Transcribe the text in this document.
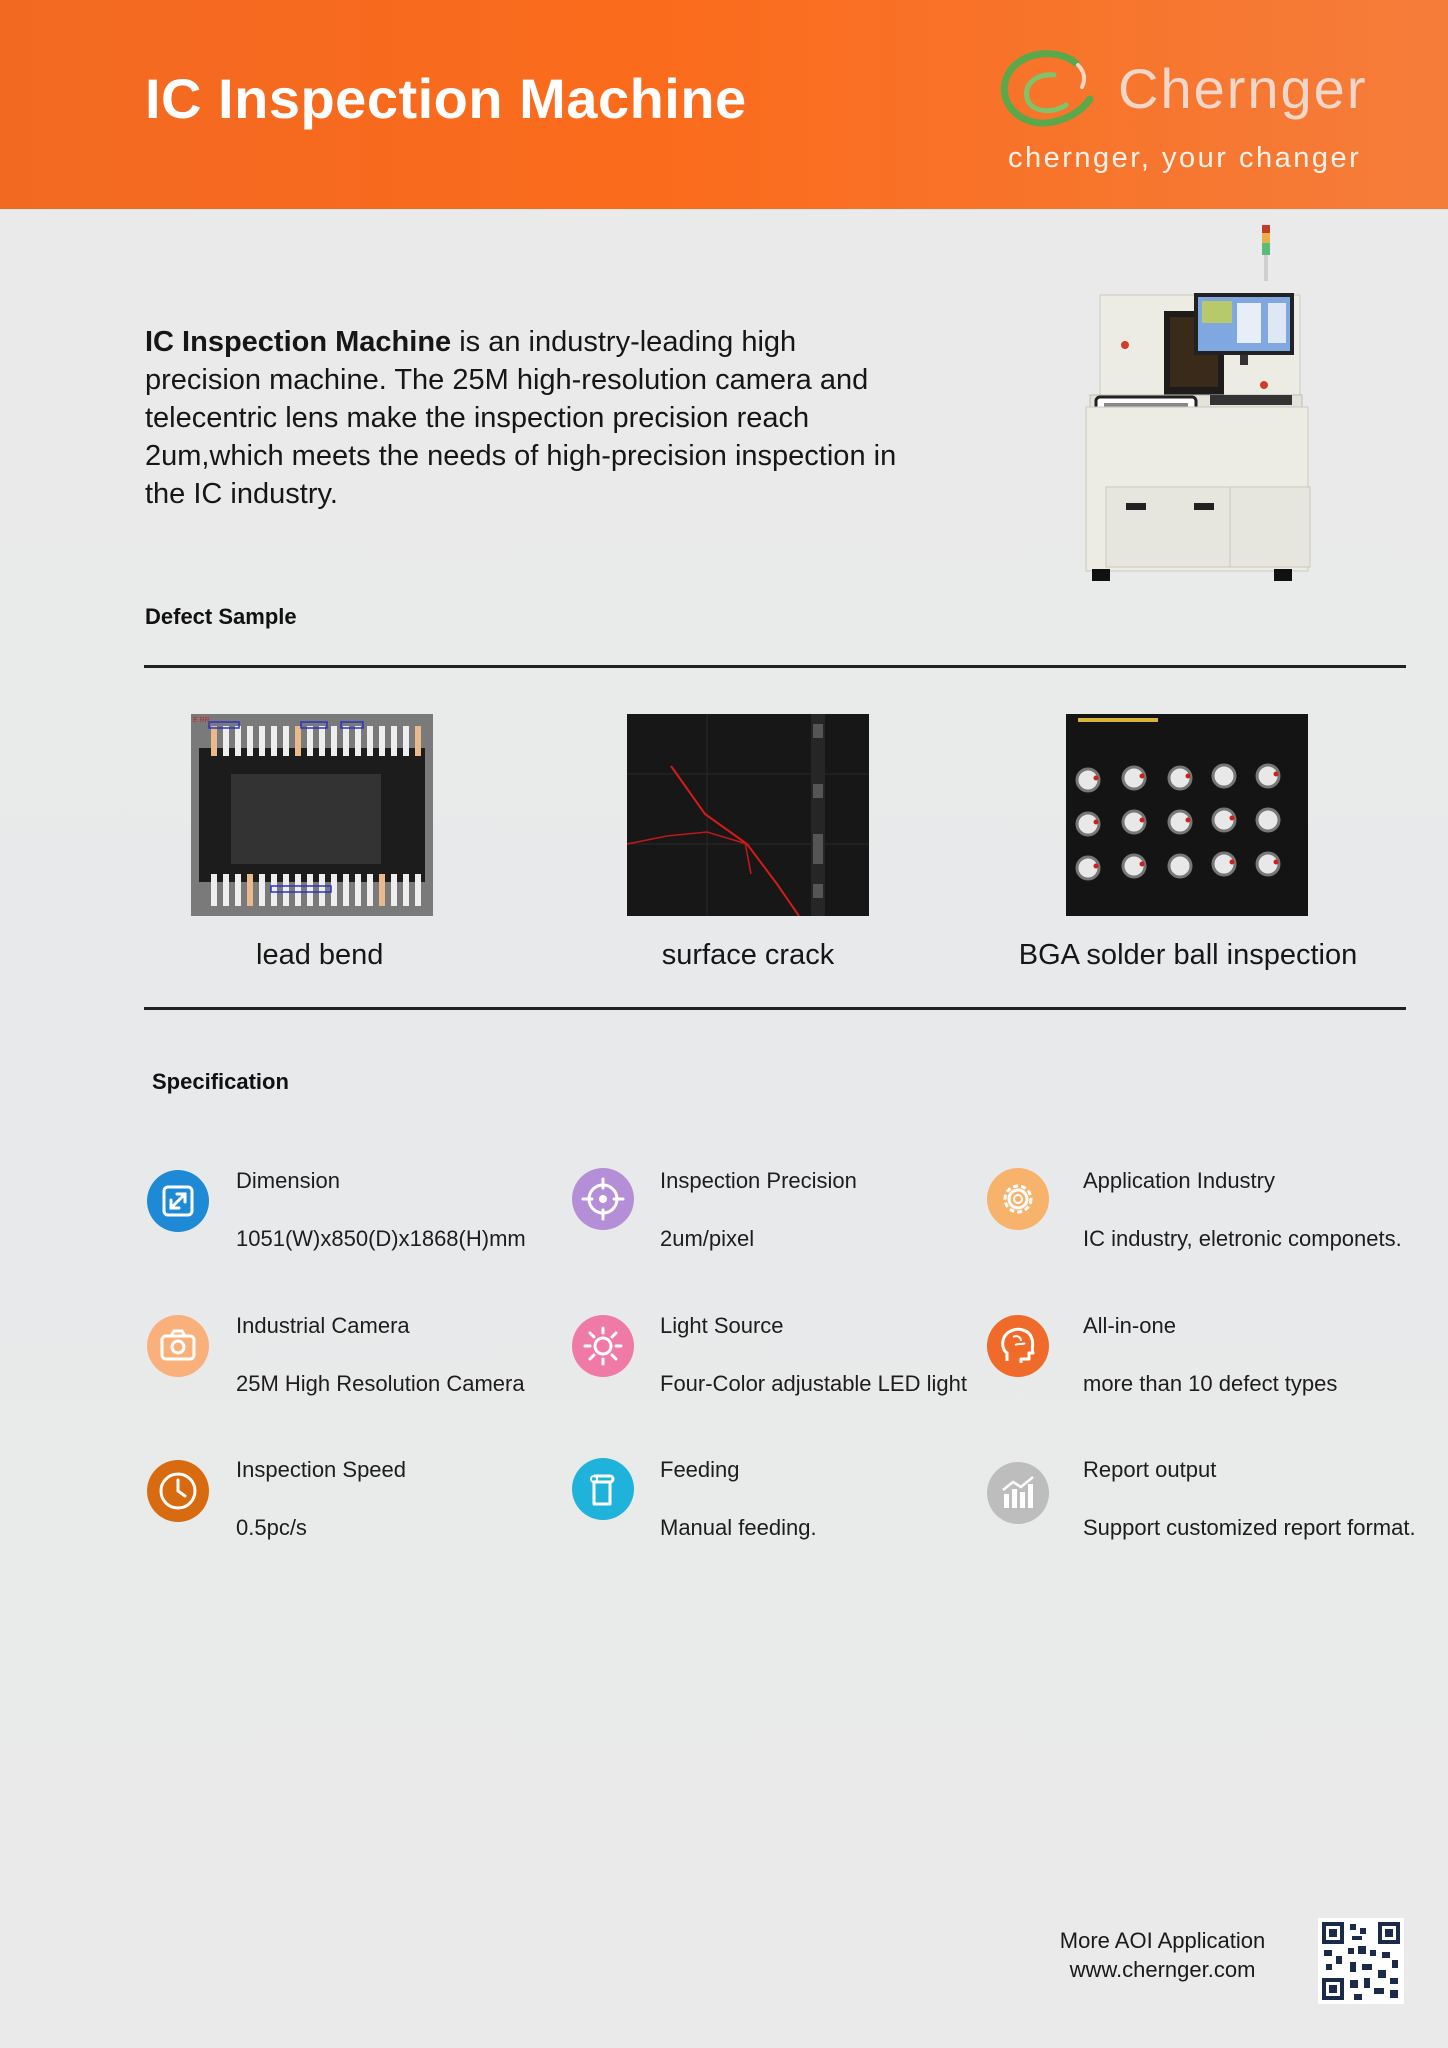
IC Inspection Machine	Chernger
chernger, your changer
IC Inspection Machine is an industry-leading high precision machine. The 25M high-resolution camera and telecentric lens make the inspection precision reach 2um,which meets the needs of high-precision inspection in the IC industry.
Defect Sample
E RR
lead bend	surface crack	BGA solder ball inspection
Specification
Dimension
1051(W)x850(D)x1868(H)mm
Inspection Precision
2um/pixel
Application Industry
IC industry, eletronic componets.
Industrial Camera
25M High Resolution Camera
Light Source
Four-Color adjustable LED light
All-in-one
more than 10 defect types
Inspection Speed
0.5pc/s
Feeding
Manual feeding.
Report output
Support customized report format.
More AOI Application
www.chernger.com
